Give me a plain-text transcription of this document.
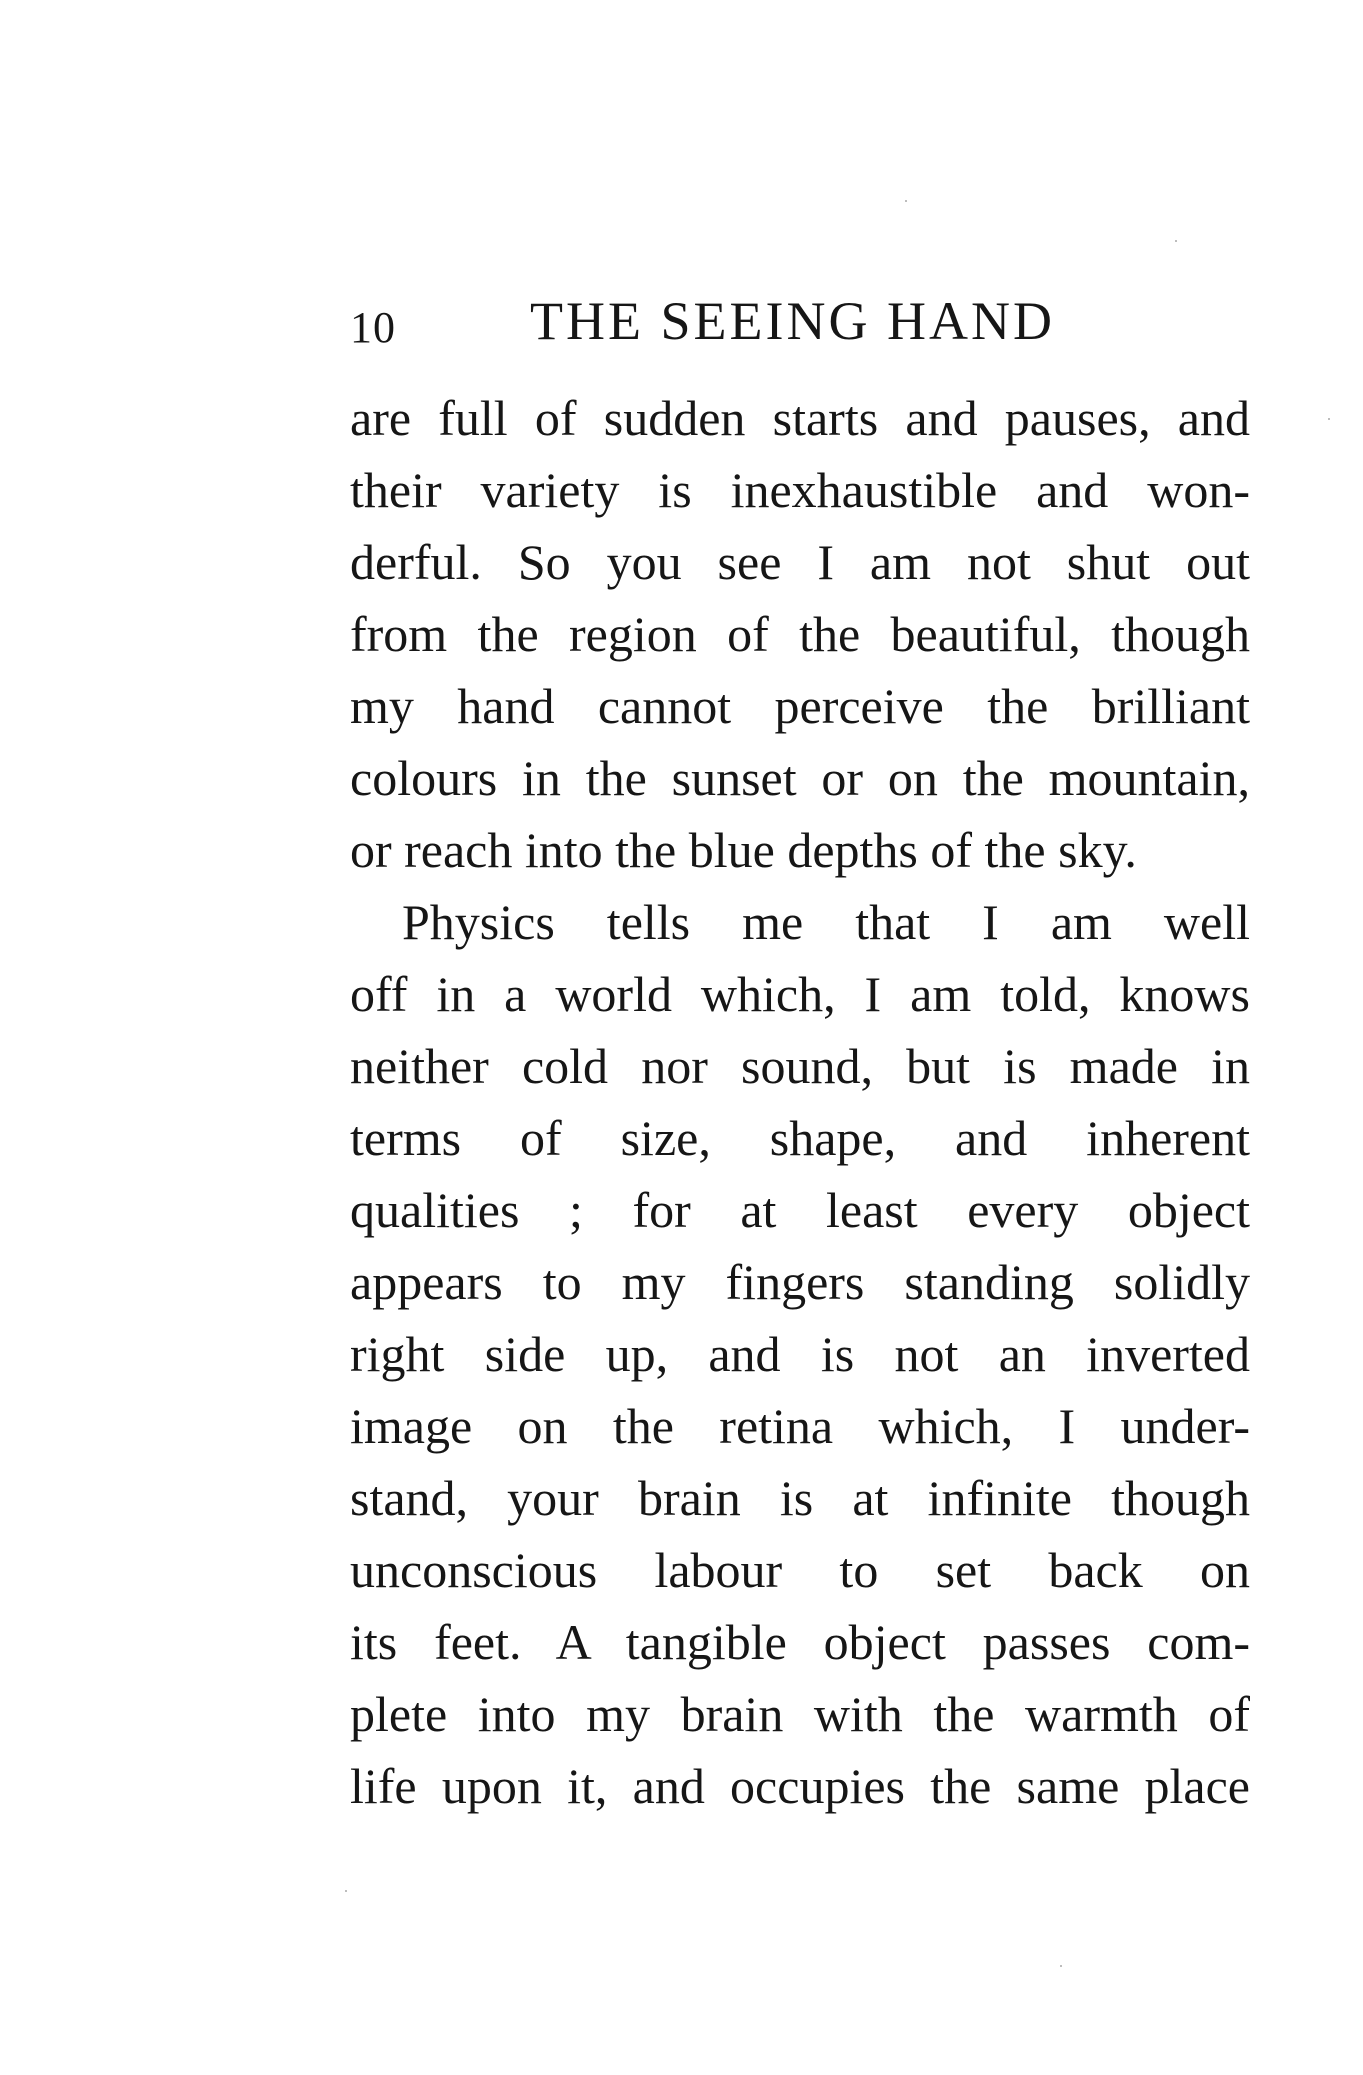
10 THE SEEING HAND
are full of sudden starts and pauses, and
their variety is inexhaustible and won-
derful. So you see I am not shut out
from the region of the beautiful, though
my hand cannot perceive the brilliant
colours in the sunset or on the mountain,
or reach into the blue depths of the sky.
Physics tells me that I am well
off in a world which, I am told, knows
neither cold nor sound, but is made in
terms of size, shape, and inherent
qualities ; for at least every object
appears to my fingers standing solidly
right side up, and is not an inverted
image on the retina which, I under-
stand, your brain is at infinite though
unconscious labour to set back on
its feet. A tangible object passes com-
plete into my brain with the warmth of
life upon it, and occupies the same place
